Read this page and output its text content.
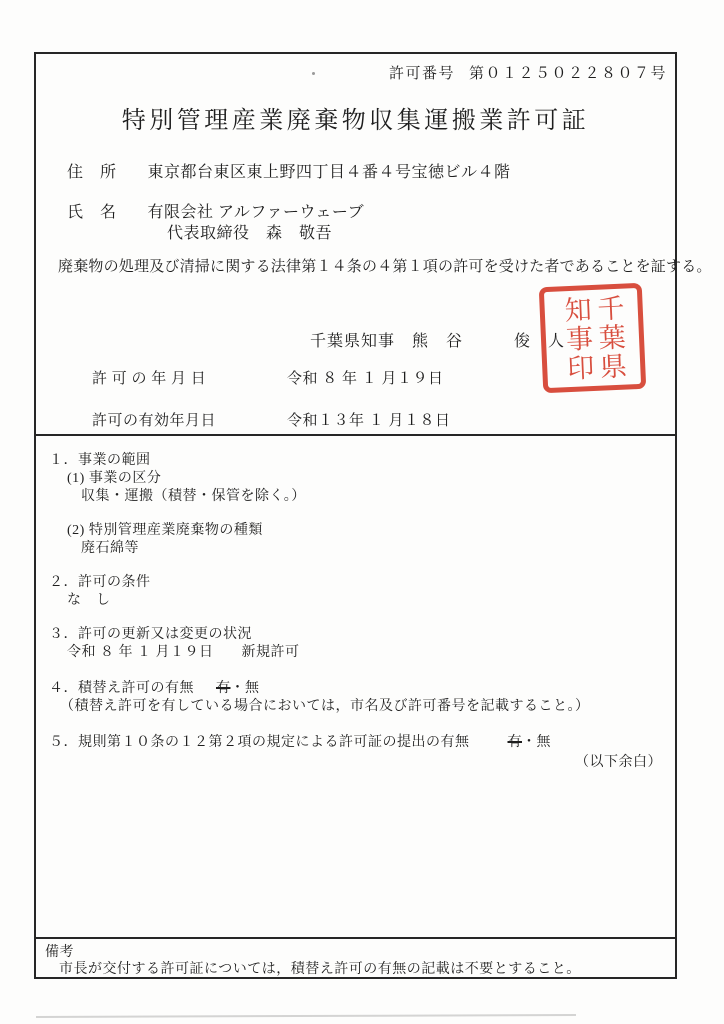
許可番号 第０１２５０２２８０７号
特別管理産業廃棄物収集運搬業許可証
住　所 東京都台東区東上野四丁目４番４号宝徳ビル４階
氏　名 有限会社 アルファーウェーブ
代表取締役　森　敬吾
廃棄物の処理及び清掃に関する法律第１４条の４第１項の許可を受けた者であることを証する。
千葉県知事　熊　谷　　　俊　人 千葉県
知事印
許 可 の 年 月 日	令和 ８ 年 １ 月１９日
許可の有効年月日	令和１３年 １ 月１８日
１．事業の範囲
(1) 事業の区分
収集・運搬（積替・保管を除く。）
(2) 特別管理産業廃棄物の種類
廃石綿等
２．許可の条件
な　し
３．許可の更新又は変更の状況
令和 ８ 年 １ 月１９日 新規許可
４．積替え許可の有無 有・無
（積替え許可を有している場合においては，市名及び許可番号を記載すること。）
５．規則第１０条の１２第２項の規定による許可証の提出の有無	有・無
（以下余白）
備考
市長が交付する許可証については，積替え許可の有無の記載は不要とすること。
